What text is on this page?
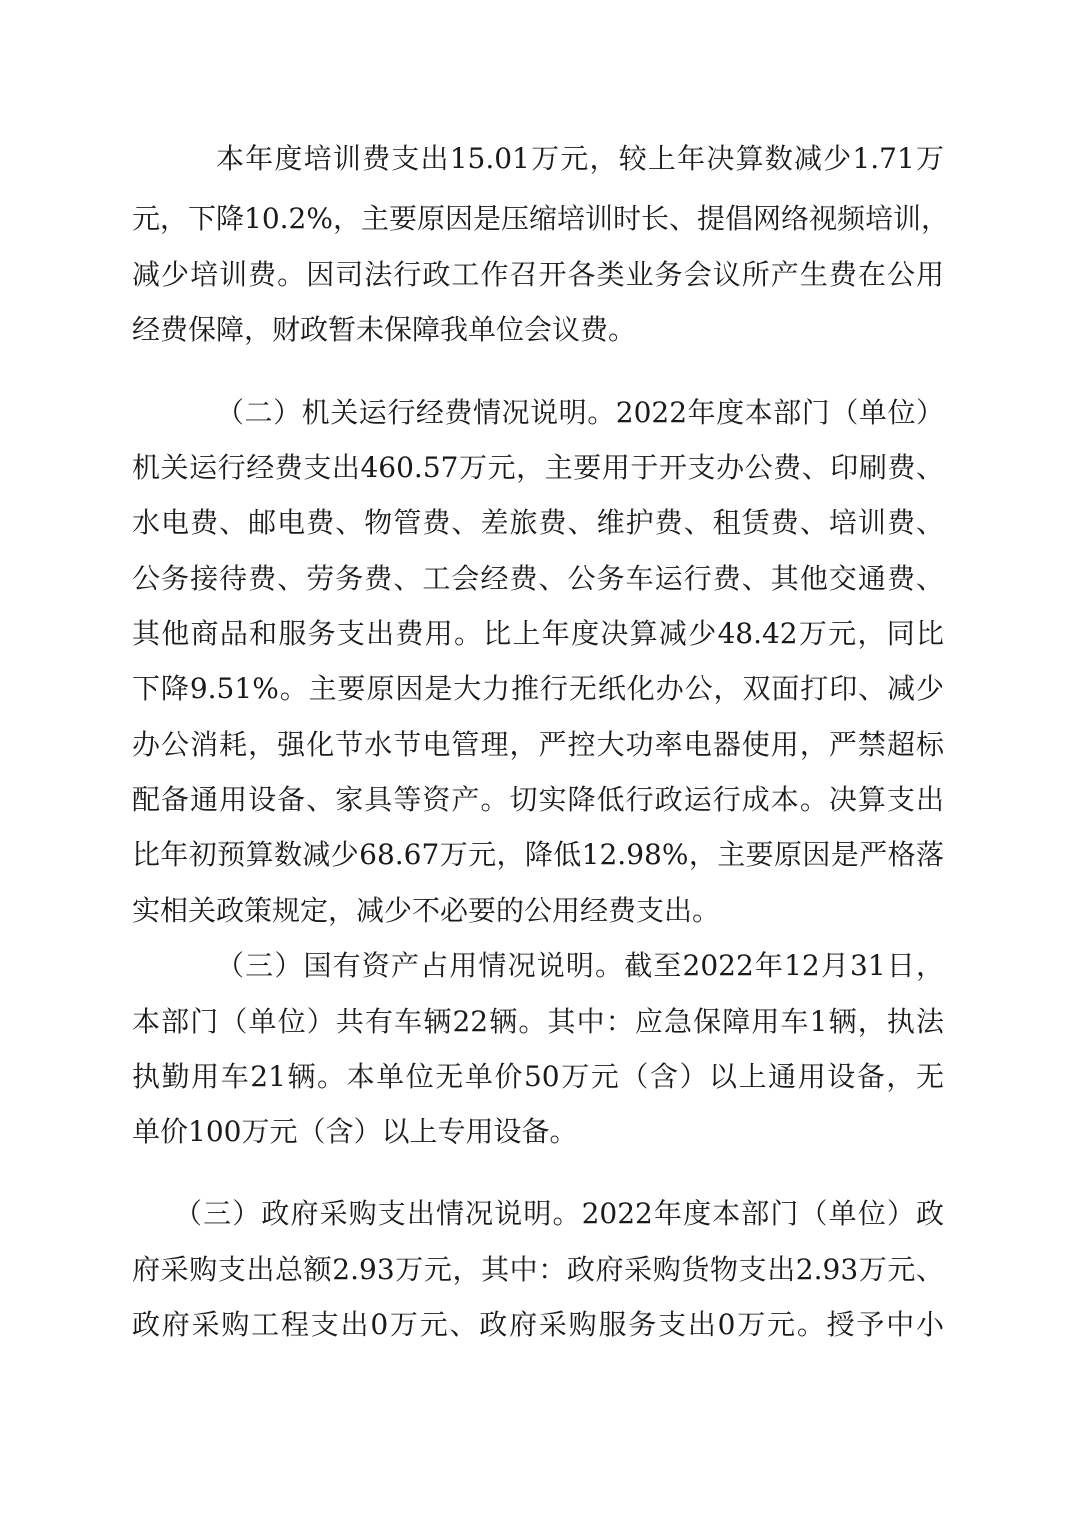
本年度培训费支出15.01万元，较上年决算数减少1.71万
元，下降10.2%，主要原因是压缩培训时长、提倡网络视频培训，
减少培训费。因司法行政工作召开各类业务会议所产生费在公用
经费保障，财政暂未保障我单位会议费。
（二）机关运行经费情况说明。2022年度本部门（单位）
机关运行经费支出460.57万元，主要用于开支办公费、印刷费、
水电费、邮电费、物管费、差旅费、维护费、租赁费、培训费、
公务接待费、劳务费、工会经费、公务车运行费、其他交通费、
其他商品和服务支出费用。比上年度决算减少48.42万元，同比
下降9.51%。主要原因是大力推行无纸化办公，双面打印、减少
办公消耗，强化节水节电管理，严控大功率电器使用，严禁超标
配备通用设备、家具等资产。切实降低行政运行成本。决算支出
比年初预算数减少68.67万元，降低12.98%，主要原因是严格落
实相关政策规定，减少不必要的公用经费支出。
（三）国有资产占用情况说明。截至2022年12月31日，
本部门（单位）共有车辆22辆。其中：应急保障用车1辆，执法
执勤用车21辆。本单位无单价50万元（含）以上通用设备，无
单价100万元（含）以上专用设备。
（三）政府采购支出情况说明。2022年度本部门（单位）政
府采购支出总额2.93万元，其中：政府采购货物支出2.93万元、
政府采购工程支出0万元、政府采购服务支出0万元。授予中小
